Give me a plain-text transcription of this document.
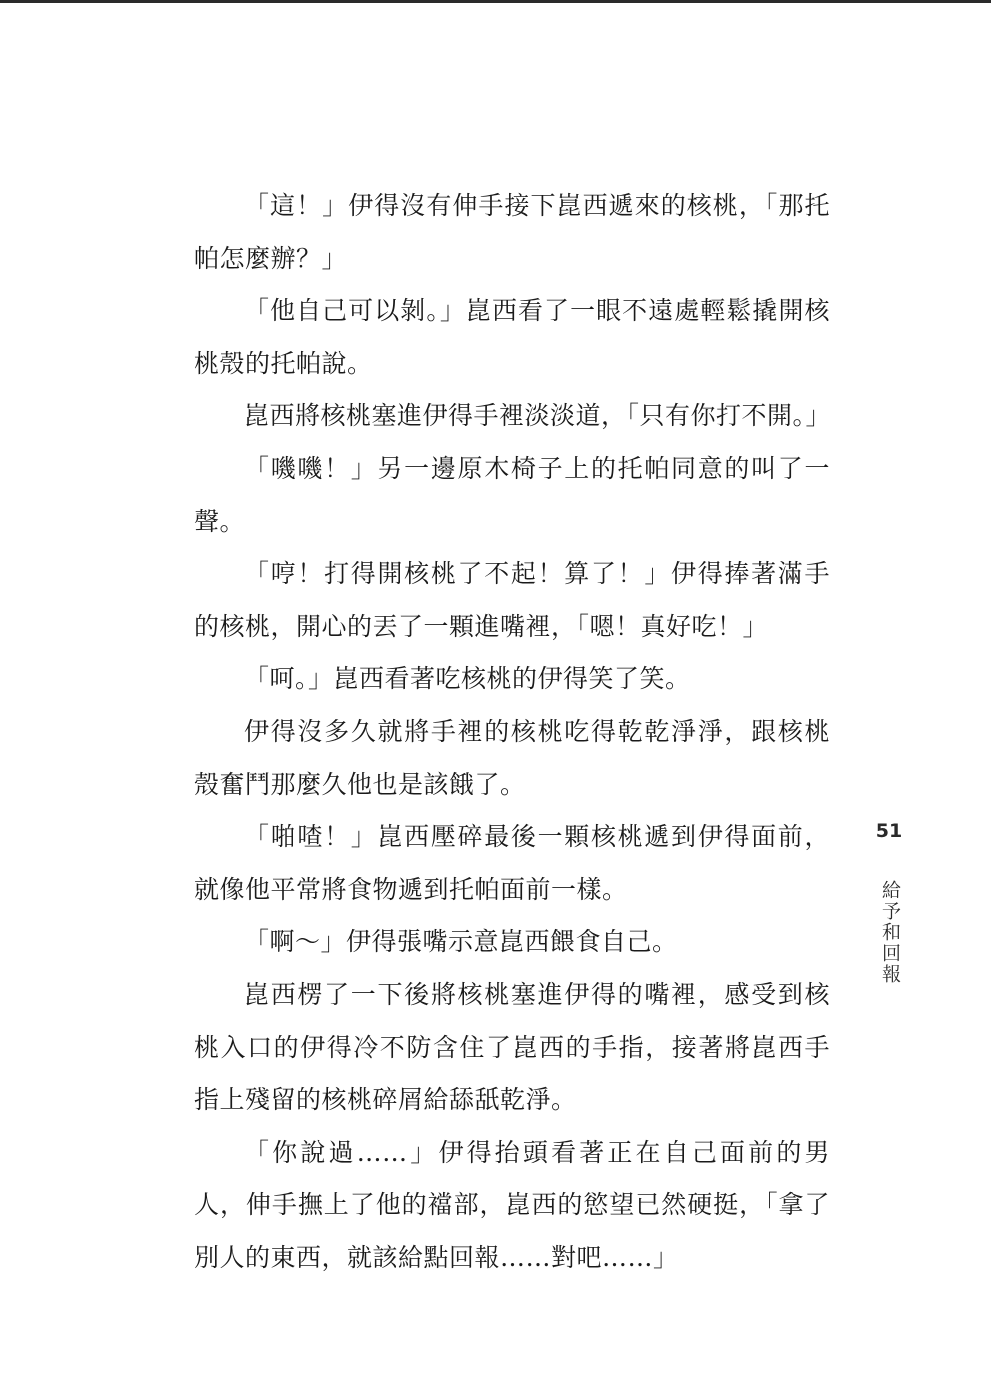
「這！」伊得沒有伸手接下崑西遞來的核桃，「那托帕怎麼辦？」

「他自己可以剝。」崑西看了一眼不遠處輕鬆撬開核桃殼的托帕說。

崑西將核桃塞進伊得手裡淡淡道，「只有你打不開。」

「嘰嘰！」另一邊原木椅子上的托帕同意的叫了一聲。

「哼！打得開核桃了不起！算了！」伊得捧著滿手的核桃，開心的丟了一顆進嘴裡，「嗯！真好吃！」

「呵。」崑西看著吃核桃的伊得笑了笑。

伊得沒多久就將手裡的核桃吃得乾乾淨淨，跟核桃殼奮鬥那麼久他也是該餓了。

「啪喳！」崑西壓碎最後一顆核桃遞到伊得面前，就像他平常將食物遞到托帕面前一樣。

「啊～」伊得張嘴示意崑西餵食自己。

崑西楞了一下後將核桃塞進伊得的嘴裡，感受到核桃入口的伊得冷不防含住了崑西的手指，接著將崑西手指上殘留的核桃碎屑給舔舐乾淨。

「你說過……」伊得抬頭看著正在自己面前的男人，伸手撫上了他的襠部，崑西的慾望已然硬挺，「拿了別人的東西，就該給點回報……對吧……」

51
給予和回報
